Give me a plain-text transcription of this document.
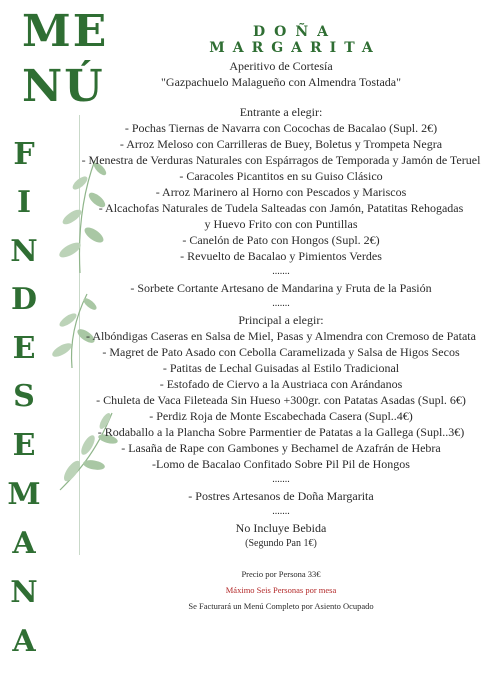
ME
NÚ
F
I
N
D
E
S
E
M
A
N
A
DOÑA
MARGARITA
Aperitivo de Cortesía
"Gazpachuelo Malagueño con Almendra Tostada"
Entrante a elegir:
- Pochas Tiernas de Navarra con Cocochas de Bacalao (Supl. 2€)
- Arroz Meloso con Carrilleras de Buey, Boletus y Trompeta Negra
- Menestra de Verduras Naturales con Espárragos de Temporada y Jamón de Teruel
- Caracoles Picantitos en su Guiso Clásico
- Arroz Marinero al Horno con Pescados y Mariscos
- Alcachofas Naturales de Tudela Salteadas con Jamón, Patatitas Rehogadas
y Huevo Frito con con Puntillas
- Canelón de Pato con Hongos (Supl. 2€)
- Revuelto de Bacalao y Pimientos Verdes
.......
- Sorbete Cortante Artesano de Mandarina y Fruta de la Pasión
.......
Principal a elegir:
- Albóndigas Caseras en Salsa de Miel, Pasas y Almendra con Cremoso de Patata
- Magret de Pato Asado con Cebolla Caramelizada y Salsa de Higos Secos
- Patitas de Lechal Guisadas al Estilo Tradicional
- Estofado de Ciervo a la Austriaca con Arándanos
- Chuleta de Vaca Fileteada Sin Hueso +300gr. con Patatas Asadas (Supl. 6€)
- Perdiz Roja de Monte Escabechada Casera (Supl..4€)
- Rodaballo a la Plancha Sobre Parmentier de Patatas a la Gallega (Supl..3€)
- Lasaña de Rape con Gambones y Bechamel de Azafrán de Hebra
-Lomo de Bacalao Confitado Sobre Pil Pil de Hongos
.......
- Postres Artesanos de Doña Margarita
.......
No Incluye Bebida
(Segundo Pan 1€)
Precio por Persona 33€
Máximo Seis Personas por mesa
Se Facturará un Menú Completo por Asiento Ocupado
